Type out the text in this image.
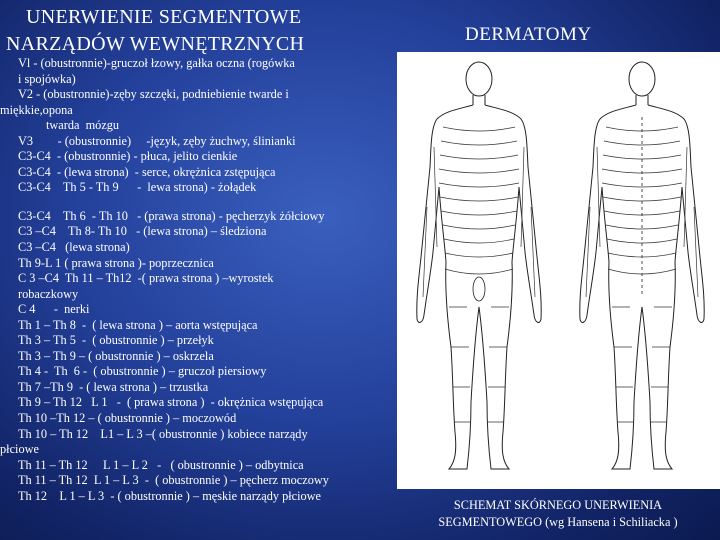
UNERWIENIE SEGMENTOWE
NARZĄDÓW WEWNĘTRZNYCH	DERMATOMY
Vl - (obustronnie)-gruczoł łzowy, gałka oczna (rogówka
i spojówka)
V2 - (obustronnie)-zęby szczęki, podniebienie twarde i
miękkie,opona
twarda  mózgu
V3        - (obustronnie)     -język, zęby żuchwy, ślinianki
C3-C4  - (obustronnie) - płuca, jelito cienkie
C3-C4  - (lewa strona)  - serce, okrężnica zstępująca
C3-C4    Th 5 - Th 9      -  lewa strona) - żołądek
C3-C4    Th 6  - Th 10   - (prawa strona) - pęcherzyk żółciowy
C3 –C4    Th 8- Th 10   - (lewa strona) – śledziona
C3 –C4   (lewa strona)
Th 9-L 1 ( prawa strona )- poprzecznica
C 3 –C4  Th 11 – Th12  -( prawa strona ) –wyrostek
robaczkowy
C 4      -  nerki
Th 1 – Th 8  -  ( lewa strona ) – aorta wstępująca
Th 3 – Th 5  -  ( obustronnie ) – przełyk
Th 3 – Th 9 – ( obustronnie ) – oskrzela
Th 4 -  Th  6 -  ( obustronnie ) – gruczoł piersiowy
Th 7 –Th 9  - ( lewa strona ) – trzustka
Th 9 – Th 12   L 1   -  ( prawa strona )  - okrężnica wstępująca
Th 10 –Th 12 – ( obustronnie ) – moczowód
Th 10 – Th 12    L1 – L 3 –( obustronnie ) kobiece narządy
płciowe
Th 11 – Th 12     L 1 – L 2   -   ( obustronnie ) – odbytnica
Th 11 – Th 12  L 1 – L 3  -  ( obustronnie ) – pęcherz moczowy
Th 12    L 1 – L 3  - ( obustronnie ) – męskie narządy płciowe
SCHEMAT SKÓRNEGO UNERWIENIA
SEGMENTOWEGO (wg Hansena i Schiliacka )
